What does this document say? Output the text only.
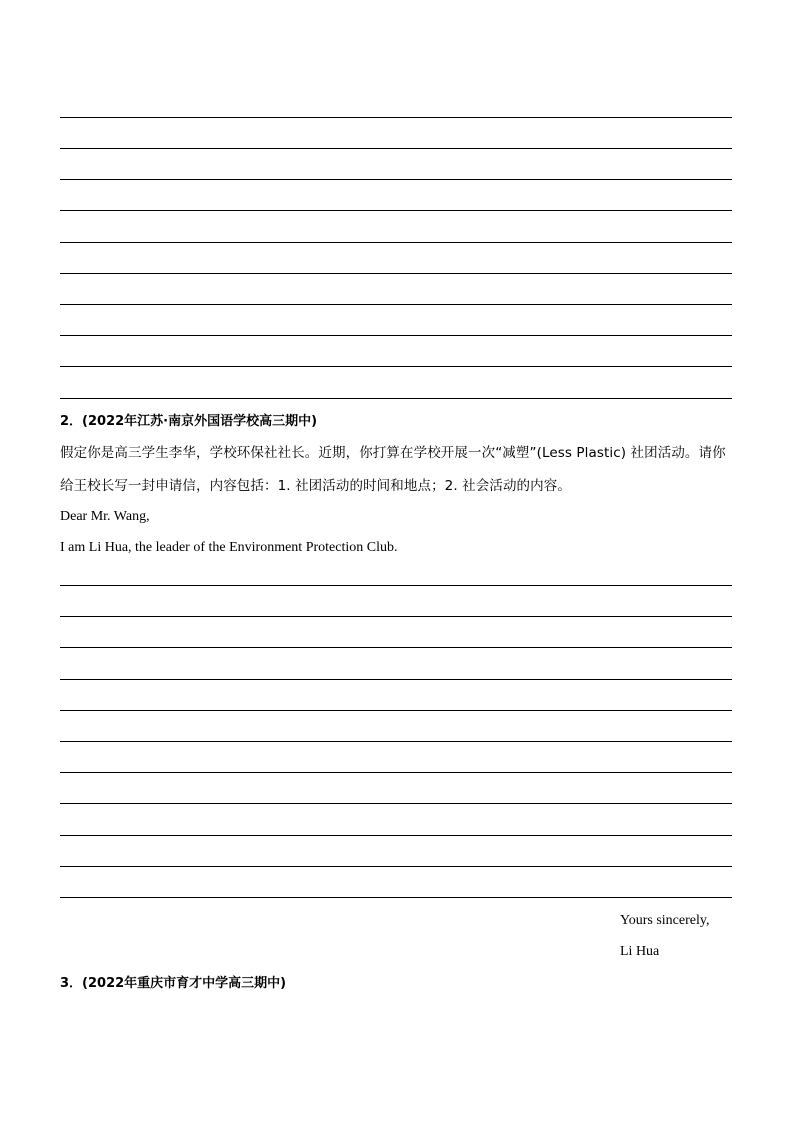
2．(2022年江苏·南京外国语学校高三期中)
假定你是高三学生李华，学校环保社社长。近期，你打算在学校开展一次“减塑”(Less Plastic) 社团活动。请你
给王校长写一封申请信，内容包括：1. 社团活动的时间和地点；2. 社会活动的内容。
Dear Mr. Wang,
I am Li Hua, the leader of the Environment Protection Club.
Yours sincerely,
Li Hua
3．(2022年重庆市育才中学高三期中)
